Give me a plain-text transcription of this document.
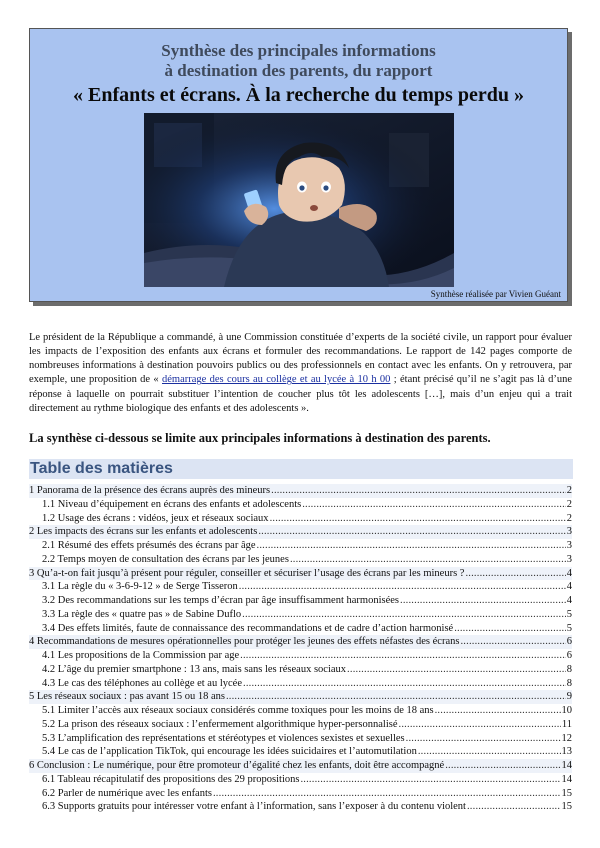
Synthèse des principales informations
à destination des parents, du rapport
« Enfants et écrans. À la recherche du temps perdu »
Synthèse réalisée par Vivien Guéant

Le président de la République a commandé, à une Commission constituée d’experts de la société civile, un rapport pour évaluer les impacts de l’exposition des enfants aux écrans et formuler des recommandations. Le rapport de 142 pages comporte de nombreuses informations à destination pouvoirs publics ou des professionnels en contact avec les enfants. On y retrouvera, par exemple, une proposition de « démarrage des cours au collège et au lycée à 10 h 00 ; étant précisé qu’il ne s’agit pas là d’une réponse à laquelle on pourrait substituer l’intention de coucher plus tôt les adolescents […], mais d’un enjeu qui a trait directement au rythme biologique des enfants et des adolescents ».

La synthèse ci-dessous se limite aux principales informations à destination des parents.
Table des matières
1 Panorama de la présence des écrans auprès des mineurs .....	2
1.1 Niveau d’équipement en écrans des enfants et adolescents .....	2
1.2 Usage des écrans : vidéos, jeux et réseaux sociaux .....	2
2 Les impacts des écrans sur les enfants et adolescents .....	3
2.1 Résumé des effets présumés des écrans par âge .....	3
2.2 Temps moyen de consultation des écrans par les jeunes .....	3
3 Qu’a-t-on fait jusqu’à présent pour réguler, conseiller et sécuriser l’usage des écrans par les mineurs ? .....	4
3.1 La règle du « 3-6-9-12 » de Serge Tisseron .....	4
3.2 Des recommandations sur les temps d’écran par âge insuffisamment harmonisées .....	4
3.3 La règle des « quatre pas » de Sabine Duflo .....	5
3.4 Des effets limités, faute de connaissance des recommandations et de cadre d’action harmonisé .....	5
4 Recommandations de mesures opérationnelles pour protéger les jeunes des effets néfastes des écrans .....	6
4.1 Les propositions de la Commission par age .....	6
4.2 L’âge du premier smartphone : 13 ans, mais sans les réseaux sociaux .....	8
4.3 Le cas des téléphones au collège et au lycée .....	8
5 Les réseaux sociaux : pas avant 15 ou 18 ans .....	9
5.1 Limiter l’accès aux réseaux sociaux considérés comme toxiques pour les moins de 18 ans .....	10
5.2 La prison des réseaux sociaux : l’enfermement algorithmique hyper-personnalisé .....	11
5.3 L’amplification des représentations et stéréotypes et violences sexistes et sexuelles .....	12
5.4 Le cas de l’application TikTok, qui encourage les idées suicidaires et l’automutilation .....	13
6 Conclusion : Le numérique, pour être promoteur d’égalité chez les enfants, doit être accompagné .....	14
6.1 Tableau récapitulatif des propositions des 29 propositions .....	14
6.2 Parler de numérique avec les enfants .....	15
6.3 Supports gratuits pour intéresser votre enfant à l’information, sans l’exposer à du contenu violent .....	15
